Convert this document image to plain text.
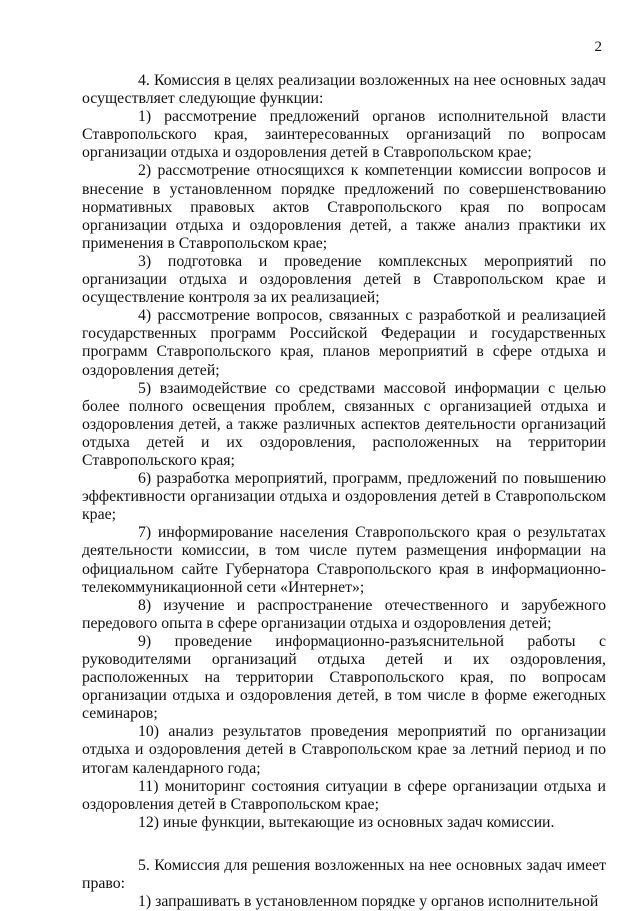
2

4. Комиссия в целях реализации возложенных на нее основных задач осуществляет следующие функции:

1) рассмотрение предложений органов исполнительной власти Ставропольского края, заинтересованных организаций по вопросам организации отдыха и оздоровления детей в Ставропольском крае;

2) рассмотрение относящихся к компетенции комиссии вопросов и внесение в установленном порядке предложений по совершенствованию нормативных правовых актов Ставропольского края по вопросам организации отдыха и оздоровления детей, а также анализ практики их применения в Ставропольском крае;

3) подготовка и проведение комплексных мероприятий по организации отдыха и оздоровления детей в Ставропольском крае и осуществление контроля за их реализацией;

4) рассмотрение вопросов, связанных с разработкой и реализацией государственных программ Российской Федерации и государственных программ Ставропольского края, планов мероприятий в сфере отдыха и оздоровления детей;

5) взаимодействие со средствами массовой информации с целью более полного освещения проблем, связанных с организацией отдыха и оздоровления детей, а также различных аспектов деятельности организаций отдыха детей и их оздоровления, расположенных на территории Ставропольского края;

6) разработка мероприятий, программ, предложений по повышению эффективности организации отдыха и оздоровления детей в Ставропольском крае;

7) информирование населения Ставропольского края о результатах деятельности комиссии, в том числе путем размещения информации на официальном сайте Губернатора Ставропольского края в информационно-телекоммуникационной сети «Интернет»;

8) изучение и распространение отечественного и зарубежного передового опыта в сфере организации отдыха и оздоровления детей;

9) проведение информационно-разъяснительной работы с руководителями организаций отдыха детей и их оздоровления, расположенных на территории Ставропольского края, по вопросам организации отдыха и оздоровления детей, в том числе в форме ежегодных семинаров;

10) анализ результатов проведения мероприятий по организации отдыха и оздоровления детей в Ставропольском крае за летний период и по итогам календарного года;

11) мониторинг состояния ситуации в сфере организации отдыха и оздоровления детей в Ставропольском крае;

12) иные функции, вытекающие из основных задач комиссии.

5. Комиссия для решения возложенных на нее основных задач имеет право:

1) запрашивать в установленном порядке у органов исполнительной
